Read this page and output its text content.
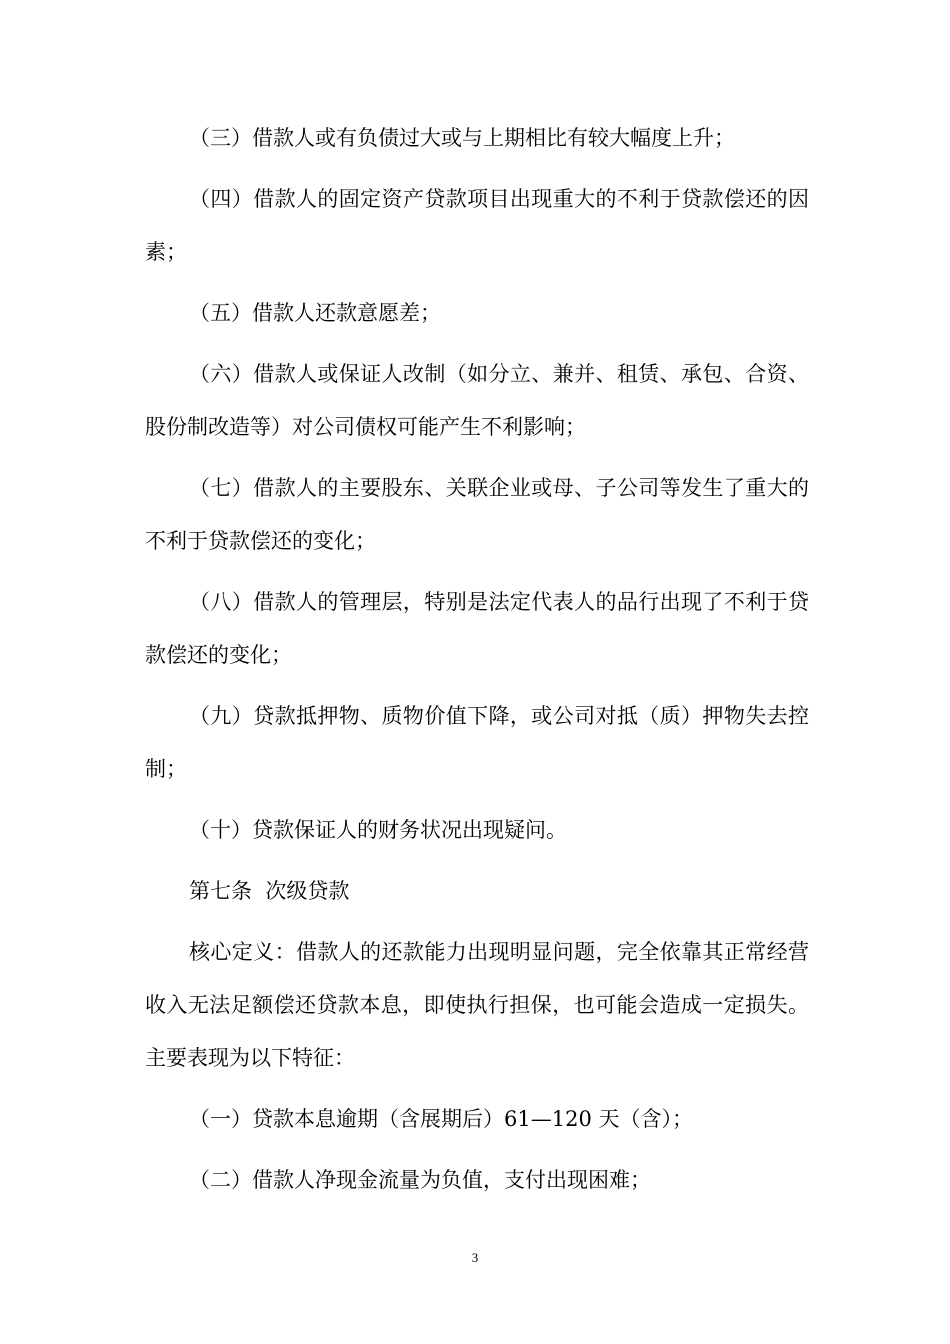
（三）借款人或有负债过大或与上期相比有较大幅度上升；

（四）借款人的固定资产贷款项目出现重大的不利于贷款偿还的因素；

（五）借款人还款意愿差；

（六）借款人或保证人改制（如分立、兼并、租赁、承包、合资、股份制改造等）对公司债权可能产生不利影响；

（七）借款人的主要股东、关联企业或母、子公司等发生了重大的不利于贷款偿还的变化；

（八）借款人的管理层，特别是法定代表人的品行出现了不利于贷款偿还的变化；

（九）贷款抵押物、质物价值下降，或公司对抵（质）押物失去控制；

（十）贷款保证人的财务状况出现疑问。

第七条  次级贷款

核心定义：借款人的还款能力出现明显问题，完全依靠其正常经营收入无法足额偿还贷款本息，即使执行担保，也可能会造成一定损失。主要表现为以下特征：

（一）贷款本息逾期（含展期后）61—120 天（含）；

（二）借款人净现金流量为负值，支付出现困难；

3
